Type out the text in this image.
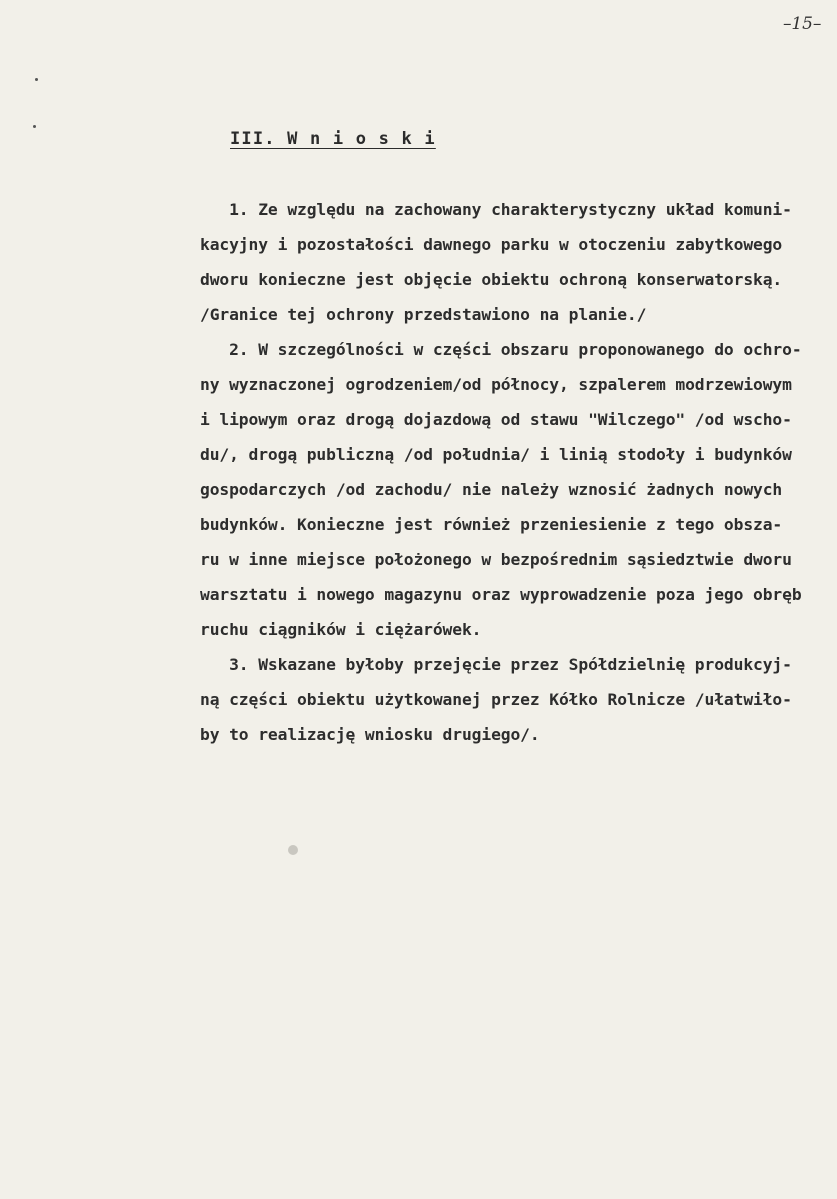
–15–
III. W n i o s k i
1. Ze względu na zachowany charakterystyczny układ komuni-
kacyjny i pozostałości dawnego parku w otoczeniu zabytkowego
dworu konieczne jest objęcie obiektu ochroną konserwatorską.
/Granice tej ochrony przedstawiono na planie./
2. W szczególności w części obszaru proponowanego do ochro-
ny wyznaczonej ogrodzeniem/od północy, szpalerem modrzewiowym
i lipowym oraz drogą dojazdową od stawu "Wilczego" /od wscho-
du/, drogą publiczną /od południa/ i linią stodoły i budynków
gospodarczych /od zachodu/ nie należy wznosić żadnych nowych
budynków. Konieczne jest również przeniesienie z tego obsza-
ru w inne miejsce położonego w bezpośrednim sąsiedztwie dworu
warsztatu i nowego magazynu oraz wyprowadzenie poza jego obręb
ruchu ciągników i ciężarówek.
3. Wskazane byłoby przejęcie przez Spółdzielnię produkcyj-
ną części obiektu użytkowanej przez Kółko Rolnicze /ułatwiło-
by to realizację wniosku drugiego/.
